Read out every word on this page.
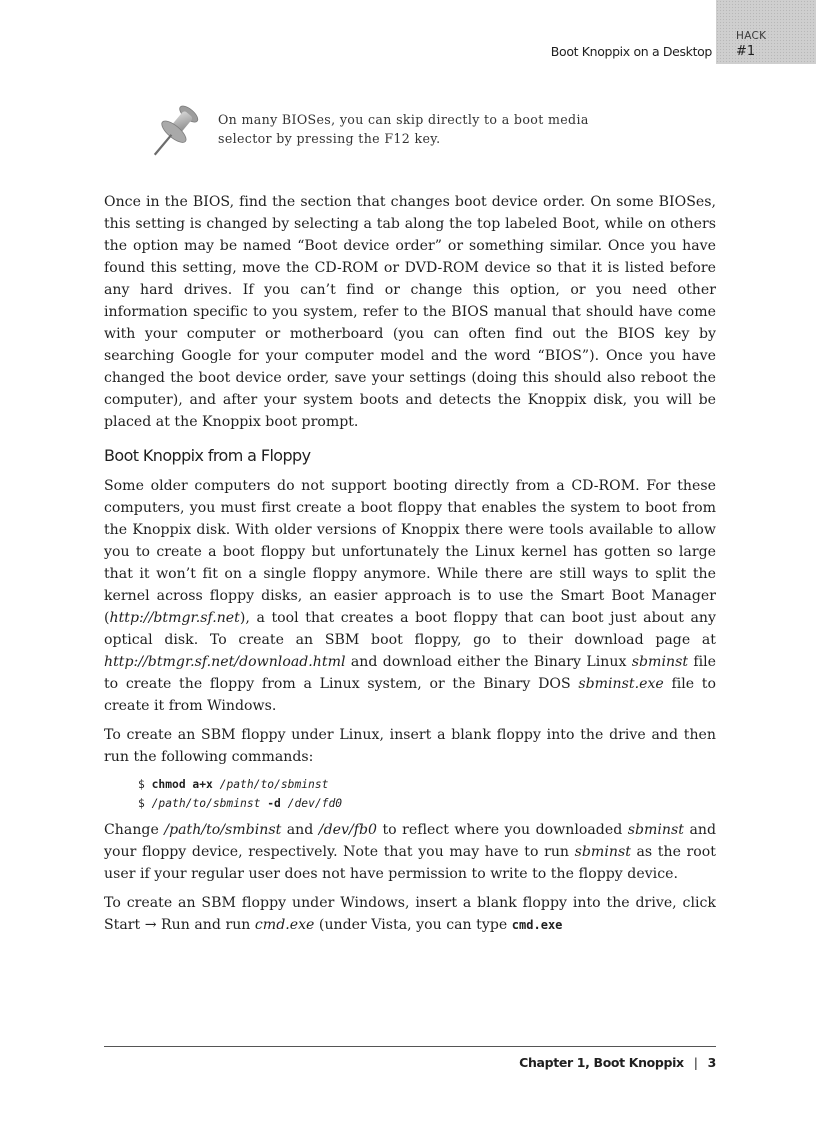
HACK
#1
Boot Knoppix on a Desktop
On many BIOSes, you can skip directly to a boot media
selector by pressing the F12 key.

Once in the BIOS, find the section that changes boot device order. On some BIOSes, this setting is changed by selecting a tab along the top labeled Boot, while on others the option may be named “Boot device order” or something similar. Once you have found this setting, move the CD-ROM or DVD-ROM device so that it is listed before any hard drives. If you can’t find or change this option, or you need other information specific to you system, refer to the BIOS manual that should have come with your computer or motherboard (you can often find out the BIOS key by searching Google for your computer model and the word “BIOS”). Once you have changed the boot device order, save your settings (doing this should also reboot the computer), and after your system boots and detects the Knoppix disk, you will be placed at the Knoppix boot prompt.

Boot Knoppix from a Floppy

Some older computers do not support booting directly from a CD-ROM. For these computers, you must first create a boot floppy that enables the system to boot from the Knoppix disk. With older versions of Knoppix there were tools available to allow you to create a boot floppy but unfortunately the Linux kernel has gotten so large that it won’t fit on a single floppy anymore. While there are still ways to split the kernel across floppy disks, an easier approach is to use the Smart Boot Manager (http://btmgr.sf.net), a tool that creates a boot floppy that can boot just about any optical disk. To create an SBM boot floppy, go to their download page at http://btmgr.sf.net/download.html and download either the Binary Linux sbminst file to create the floppy from a Linux system, or the Binary DOS sbminst.exe file to create it from Windows.

To create an SBM floppy under Linux, insert a blank floppy into the drive and then run the following commands:

$ chmod a+x /path/to/sbminst
$ /path/to/sbminst -d /dev/fd0

Change /path/to/smbinst and /dev/fb0 to reflect where you downloaded sbminst and your floppy device, respectively. Note that you may have to run sbminst as the root user if your regular user does not have permission to write to the floppy device.

To create an SBM floppy under Windows, insert a blank floppy into the drive, click Start → Run and run cmd.exe (under Vista, you can type cmd.exe

Chapter 1, Boot Knoppix | 3
